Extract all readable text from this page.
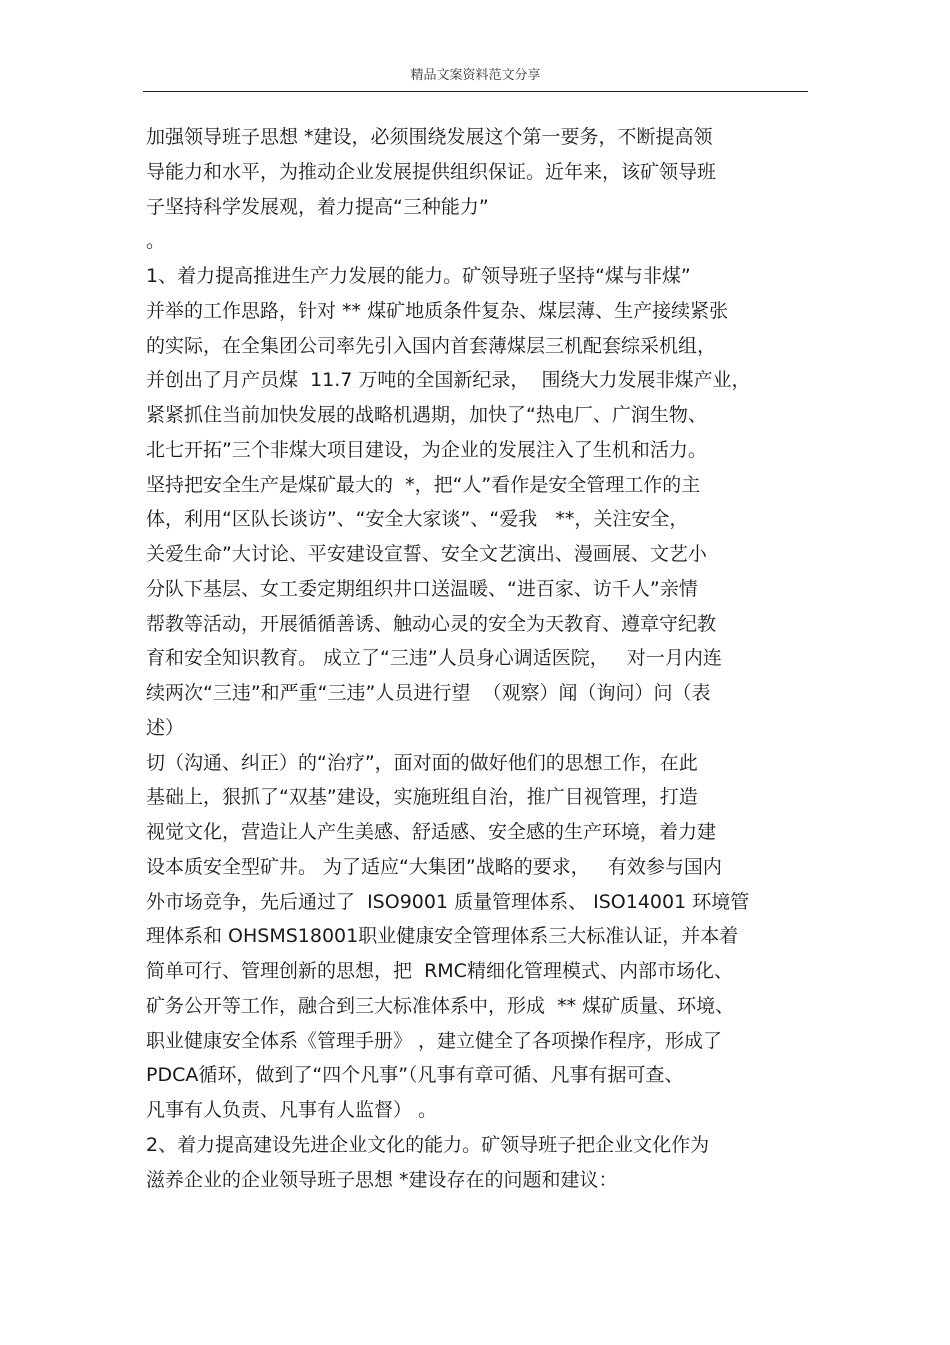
精品文案资料范文分享
加强领导班子思想 *建设，必须围绕发展这个第一要务，不断提高领
导能力和水平，为推动企业发展提供组织保证。近年来，该矿领导班
子坚持科学发展观，着力提高“三种能力”
。
1、着力提高推进生产力发展的能力。矿领导班子坚持“煤与非煤”
并举的工作思路，针对 ** 煤矿地质条件复杂、煤层薄、生产接续紧张
的实际，在全集团公司率先引入国内首套薄煤层三机配套综采机组，
并创出了月产员煤  11.7 万吨的全国新纪录，  围绕大力发展非煤产业，
紧紧抓住当前加快发展的战略机遇期，加快了“热电厂、广润生物、
北七开拓”三个非煤大项目建设，为企业的发展注入了生机和活力。
坚持把安全生产是煤矿最大的  *，把“人”看作是安全管理工作的主
体，利用“区队长谈访”、“安全大家谈”、“爱我   **，关注安全，
关爱生命”大讨论、平安建设宣誓、安全文艺演出、漫画展、文艺小
分队下基层、女工委定期组织井口送温暖、“进百家、访千人”亲情
帮教等活动，开展循循善诱、触动心灵的安全为天教育、遵章守纪教
育和安全知识教育。 成立了“三违”人员身心调适医院，   对一月内连
续两次“三违”和严重“三违”人员进行望  （观察）闻（询问）问（表
述）
切（沟通、纠正）的“治疗”，面对面的做好他们的思想工作，在此
基础上，狠抓了“双基”建设，实施班组自治，推广目视管理，打造
视觉文化，营造让人产生美感、舒适感、安全感的生产环境，着力建
设本质安全型矿井。 为了适应“大集团”战略的要求，   有效参与国内
外市场竞争，先后通过了  ISO9001 质量管理体系、 ISO14001 环境管
理体系和 OHSMS18001职业健康安全管理体系三大标准认证，并本着
简单可行、管理创新的思想，把  RMC精细化管理模式、内部市场化、
矿务公开等工作，融合到三大标准体系中，形成  ** 煤矿质量、环境、
职业健康安全体系《管理手册》 ，建立健全了各项操作程序，形成了
PDCA循环，做到了“四个凡事”（凡事有章可循、凡事有据可查、
凡事有人负责、凡事有人监督） 。
2、着力提高建设先进企业文化的能力。矿领导班子把企业文化作为
滋养企业的企业领导班子思想 *建设存在的问题和建议：
